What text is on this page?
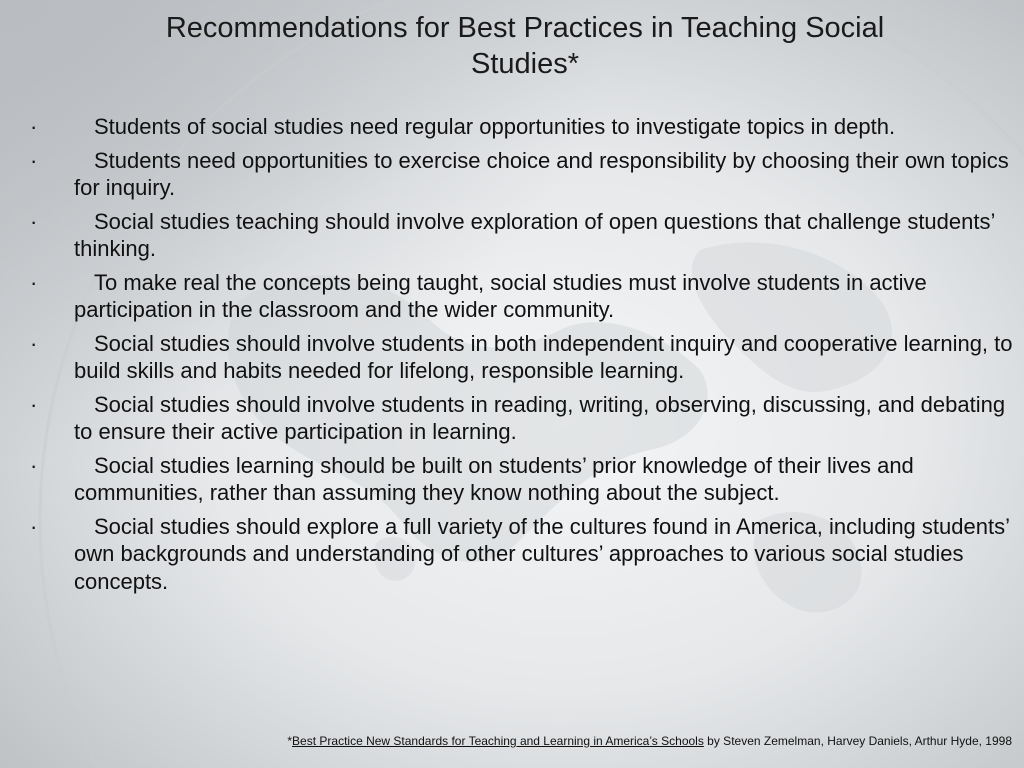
Recommendations for Best Practices in Teaching Social Studies*
·	Students of social studies need regular opportunities to investigate topics in depth.
·	Students need opportunities to exercise choice and responsibility by choosing their own topics for inquiry.
·	Social studies teaching should involve exploration of open questions that challenge students’ thinking.
·	To make real the concepts being taught, social studies must involve students in active participation in the classroom and the wider community.
·	Social studies should involve students in both independent inquiry and cooperative learning, to build skills and habits needed for lifelong, responsible learning.
·	Social studies should involve students in reading, writing, observing, discussing, and debating to ensure their active participation in learning.
·	Social studies learning should be built on students’ prior knowledge of their lives and communities, rather than assuming they know nothing about the subject.
·	Social studies should explore a full variety of the cultures found in America, including students’ own backgrounds and understanding of other cultures’ approaches to various social studies concepts.
*Best Practice New Standards for Teaching and Learning in America’s Schools by Steven Zemelman, Harvey Daniels, Arthur Hyde, 1998
